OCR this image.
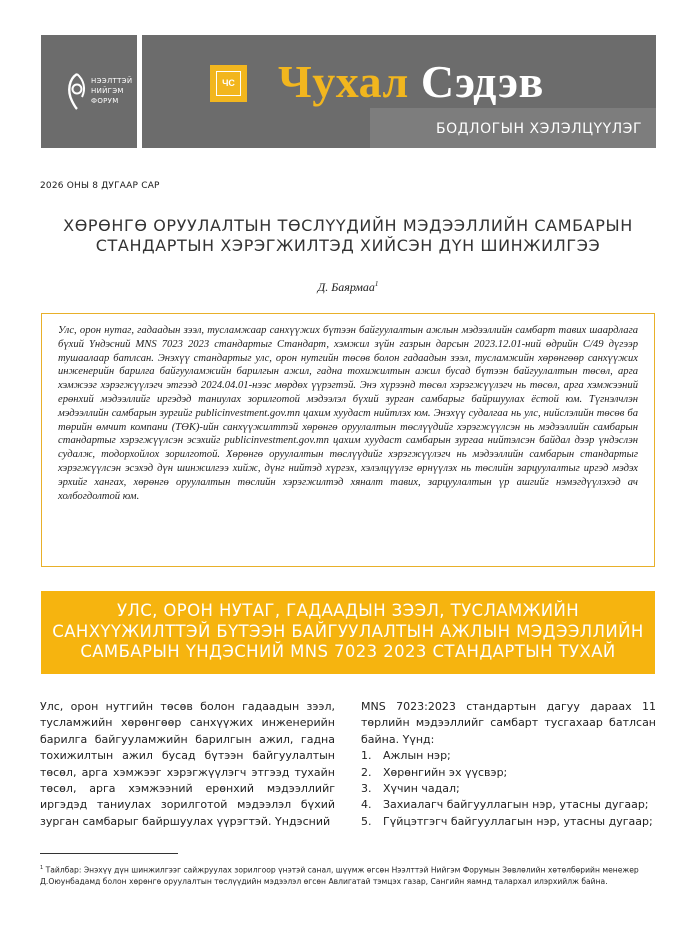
НЭЭЛТТЭЙ
НИЙГЭМ
ФОРУМ
ЧС Чухал Сэдэв
БОДЛОГЫН ХЭЛЭЛЦҮҮЛЭГ
2026 ОНЫ 8 ДУГААР САР
ХӨРӨНГӨ ОРУУЛАЛТЫН ТӨСЛҮҮДИЙН МЭДЭЭЛЛИЙН САМБАРЫН
СТАНДАРТЫН ХЭРЭГЖИЛТЭД ХИЙСЭН ДҮН ШИНЖИЛГЭЭ
Д. Баярмаа$^1$

Улс, орон нутаг, гадаадын зээл, тусламжаар санхүүжих бүтээн байгуулалтын ажлын мэдээллийн самбарт тавих шаардлага бүхий Үндэсний MNS 7023 2023 стандартыг Стандарт, хэмжил зүйн газрын дарсын 2023.12.01-ний өдрийн С/49 дүгээр тушаалаар батлсан. Энэхүү стандартыг улс, орон нутгийн төсөв болон гадаадын зээл, тусламжийн хөрөнгөөр санхүүжих инженерийн барилга байгууламжийн барилгын ажил, гадна тохижилтын ажил бусад бүтээн байгуулалтын төсөл, арга хэмжээг хэрэгжүүлэгч этгээд 2024.04.01-нээс мөрдөх үүрэгтэй. Энэ хүрээнд төсөл хэрэгжүүлэгч нь төсөл, арга хэмжээний ерөнхий мэдээллийг иргэдэд таниулах зорилготой мэдээлэл бүхий зурган самбарыг байршуулах ёстой юм. Түгнэлчлэн мэдээллийн самбарын зургийг publicinvestment.gov.mn цахим хуудаст нийтлэх юм. Энэхүү судалгаа нь улс, нийслэлийн төсөв ба төрийн өмчит компани (ТӨК)-ийн санхүүжилттэй хөрөнгө оруулалтын төслүүдийг хэрэгжүүлсэн нь мэдээллийн самбарын стандартыг хэрэгжүүлсэн эсэхийг publicinvestment.gov.mn цахим хуудаст самбарын зургаа нийтэлсэн байдал дээр үндэслэн судалж, тодорхойлох зорилготой. Хөрөнгө оруулалтын төслүүдийг хэрэгжүүлэгч нь мэдээллийн самбарын стандартыг хэрэгжүүлсэн эсэхэд дүн шинжилгээ хийж, дүнг нийтэд хүргэх, хэлэлцүүлэг өрнүүлэх нь төслийн зарцуулалтыг иргэд мэдэх эрхийг хангах, хөрөнгө оруулалтын төслийн хэрэгжилтэд хяналт тавих, зарцуулалтын үр ашгийг нэмэгдүүлэхэд ач холбогдолтой юм.

УЛС, ОРОН НУТАГ, ГАДААДЫН ЗЭЭЛ, ТУСЛАМЖИЙН
САНХҮҮЖИЛТТЭЙ БҮТЭЭН БАЙГУУЛАЛТЫН АЖЛЫН МЭДЭЭЛЛИЙН
САМБАРЫН ҮНДЭСНИЙ MNS 7023 2023 СТАНДАРТЫН ТУХАЙ

Улс, орон нутгийн төсөв болон гадаадын зээл, тусламжийн хөрөнгөөр санхүүжих инженерийн барилга байгууламжийн барилгын ажил, гадна тохижилтын ажил бусад бүтээн байгуулалтын төсөл, арга хэмжээг хэрэгжүүлэгч этгээд тухайн төсөл, арга хэмжээний ерөнхий мэдээллийг иргэдэд таниулах зорилготой мэдээлэл бүхий зурган самбарыг байршуулах үүрэгтэй. Үндэсний

MNS 7023:2023 стандартын дагуу дараах 11 төрлийн мэдээллийг самбарт тусгахаар батлсан байна. Үүнд:

1.	Ажлын нэр;
2.	Хөрөнгийн эх үүсвэр;
3.	Хүчин чадал;
4.	Захиалагч байгууллагын нэр, утасны дугаар;
5.	Гүйцэтгэгч байгууллагын нэр, утасны дугаар;
$^1$ Тайлбар: Энэхүү дүн шинжилгээг сайжруулах зорилгоор үнэтэй санал, шүүмж өгсөн Нээлттэй Нийгэм Форумын Зөвлөлийн хөтөлбөрийн менежер Д.Оюунбадамд болон хөрөнгө оруулалтын төслүүдийн мэдээлэл өгсөн Авлигатай тэмцэх газар, Сангийн яамнд талархал илэрхийлж байна.
